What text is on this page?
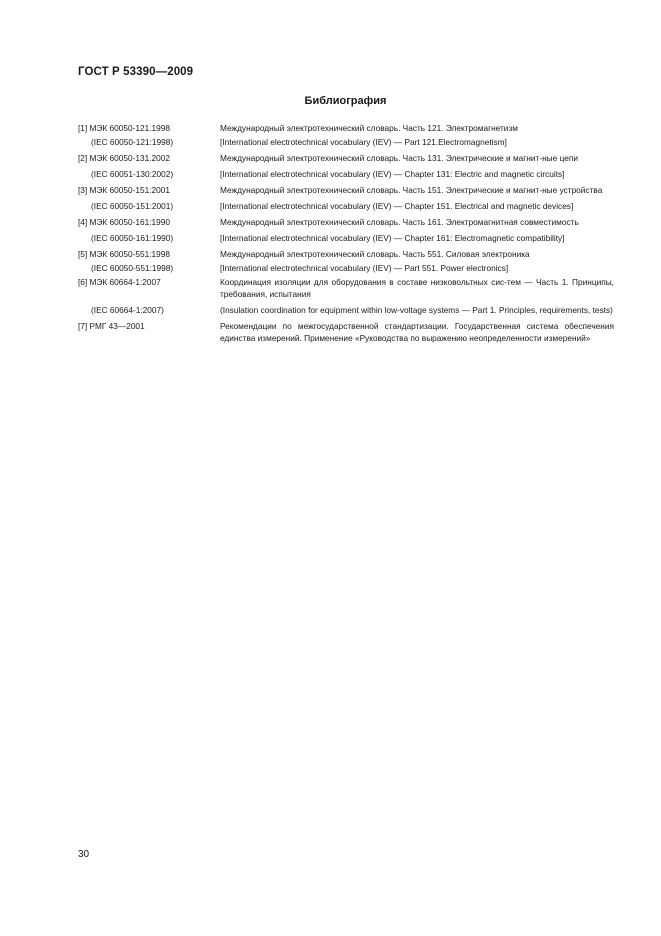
ГОСТ Р 53390—2009
Библиография
[1] МЭК 60050-121.1998	Международный электротехнический словарь. Часть 121. Электромагнетизм
(IEC 60050-121:1998)	[International electrotechnical vocabulary (IEV) — Part 121.Electromagnetism]
[2] МЭК 60050-131.2002	Международный электротехнический словарь. Часть 131. Электрические и магнит-ные цепи
(IEC 60051-130:2002)	[International electrotechnical vocabulary (IEV) — Chapter 131: Electric and magnetic circuits]
[3] МЭК 60050-151:2001	Международный электротехнический словарь. Часть 151. Электрические и магнит-ные устройства
(IEC 60050-151:2001)	[International electrotechnical vocabulary (IEV) — Chapter 151. Electrical and magnetic devices]
[4] МЭК 60050-161:1990	Международный электротехнический словарь. Часть 161. Электромагнитная совместимость
(IEC 60050-161:1990)	[International electrotechnical vocabulary (IEV) — Chapter 161: Electromagnetic compatibility]
[5] МЭК 60050-551:1998	Международный электротехнический словарь. Часть 551. Силовая электроника
(IEC 60050-551:1998)	[International electrotechnical vocabulary (IEV) — Part 551. Power electronics]
[6] МЭК 60664-1:2007	Координация изоляции для оборудования в составе низковольтных сис-тем — Часть 1. Принципы, требования, испытания
(IEC 60664-1:2007)	(Insulation coordination for equipment within low-voltage systems — Part 1. Principles, requirements, tests)
[7] РМГ 43—2001	Рекомендации по межгосударственной стандартизации. Государственная система обеспечения единства измерений. Применение «Руководства по выражению неопределенности измерений»
30
